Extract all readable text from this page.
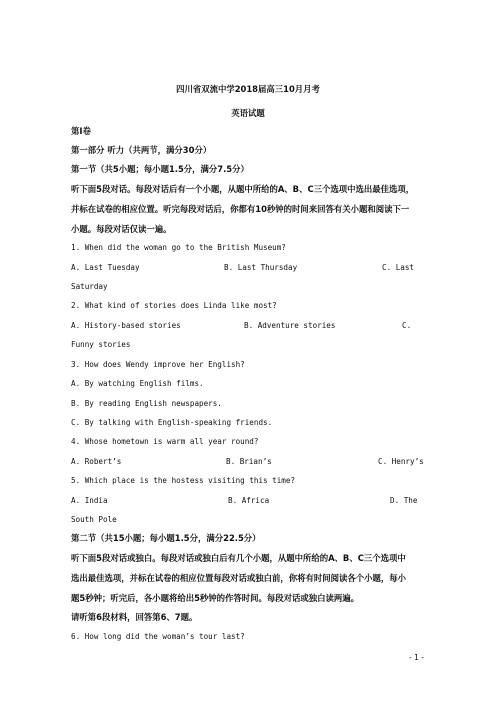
四川省双流中学2018届高三10月月考
英语试题
第I卷
第一部分 听力（共两节，满分30分）
第一节（共5小题；每小题1.5分，满分7.5分）
听下面5段对话。每段对话后有一个小题，从题中所给的A、B、C三个选项中选出最佳选项，
并标在试卷的相应位置。听完每段对话后，你都有10秒钟的时间来回答有关小题和阅读下一
小题。每段对话仅读一遍。
1. When did the woman go to the British Museum?
A. Last Tuesday	B. Last Thursday	C. Last
Saturday
2. What kind of stories does Linda like most?
A. History-based stories	B. Adventure stories	C.
Funny stories
3. How does Wendy improve her English?
A. By watching English films.
B. By reading English newspapers.
C. By talking with English-speaking friends.
4. Whose hometown is warm all year round?
A. Robert’s	B. Brian’s	C. Henry’s
5. Which place is the hostess visiting this time?
A. India	B. Africa	D. The
South Pole
第二节（共15小题；每小题1.5分，满分22.5分）
听下面5段对话或独白。每段对话或独白后有几个小题，从题中所给的A、B、C三个选项中
选出最佳选项，并标在试卷的相应位置每段对话或独白前，你将有时间阅读各个小题，每小
题5秒钟；听完后，各小题将给出5秒钟的作答时间。每段对话或独白读两遍。
请听第6段材料，回答第6、7题。
6. How long did the woman’s tour last?
- 1 -
